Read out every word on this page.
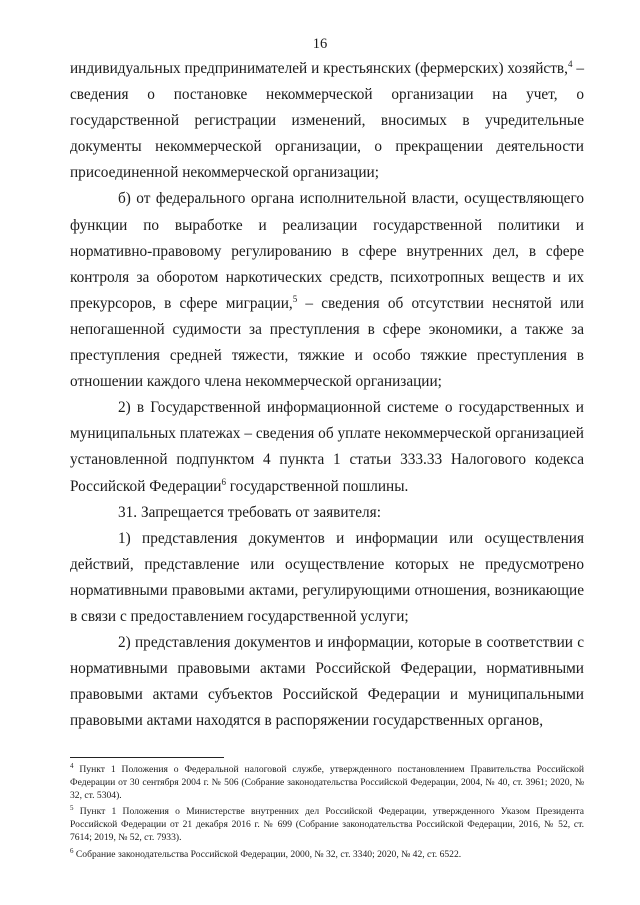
16

индивидуальных предпринимателей и крестьянских (фермерских) хозяйств,$^4$ – сведения о постановке некоммерческой организации на учет, о государственной регистрации изменений, вносимых в учредительные документы некоммерческой организации, о прекращении деятельности присоединенной некоммерческой организации;

б) от федерального органа исполнительной власти, осуществляющего функции по выработке и реализации государственной политики и нормативно-правовому регулированию в сфере внутренних дел, в сфере контроля за оборотом наркотических средств, психотропных веществ и их прекурсоров, в сфере миграции,$^5$ – сведения об отсутствии неснятой или непогашенной судимости за преступления в сфере экономики, а также за преступления средней тяжести, тяжкие и особо тяжкие преступления в отношении каждого члена некоммерческой организации;

2) в Государственной информационной системе о государственных и муниципальных платежах – сведения об уплате некоммерческой организацией установленной подпунктом 4 пункта 1 статьи 333.33 Налогового кодекса Российской Федерации$^6$ государственной пошлины.

31. Запрещается требовать от заявителя:

1) представления документов и информации или осуществления действий, представление или осуществление которых не предусмотрено нормативными правовыми актами, регулирующими отношения, возникающие в связи с предоставлением государственной услуги;

2) представления документов и информации, которые в соответствии с нормативными правовыми актами Российской Федерации, нормативными правовыми актами субъектов Российской Федерации и муниципальными правовыми актами находятся в распоряжении государственных органов,

$^4$ Пункт 1 Положения о Федеральной налоговой службе, утвержденного постановлением Правительства Российской Федерации от 30 сентября 2004 г. № 506 (Собрание законодательства Российской Федерации, 2004, № 40, ст. 3961; 2020, № 32, ст. 5304).

$^5$ Пункт 1 Положения о Министерстве внутренних дел Российской Федерации, утвержденного Указом Президента Российской Федерации от 21 декабря 2016 г. № 699 (Собрание законодательства Российской Федерации, 2016, № 52, ст. 7614; 2019, № 52, ст. 7933).

$^6$ Собрание законодательства Российской Федерации, 2000, № 32, ст. 3340; 2020, № 42, ст. 6522.
